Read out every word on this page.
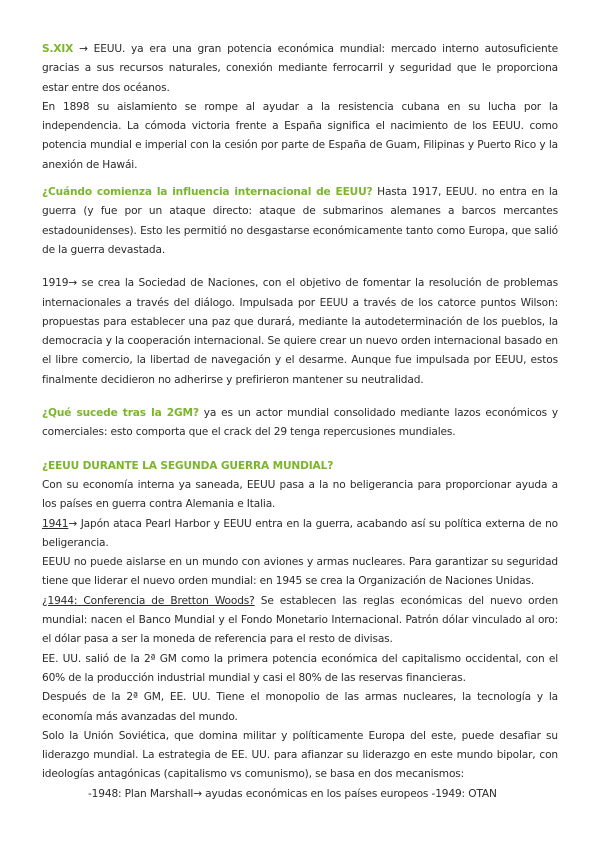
S.XIX → EEUU. ya era una gran potencia económica mundial: mercado interno autosuficiente gracias a sus recursos naturales, conexión mediante ferrocarril y seguridad que le proporciona estar entre dos océanos.

En 1898 su aislamiento se rompe al ayudar a la resistencia cubana en su lucha por la independencia. La cómoda victoria frente a España significa el nacimiento de los EEUU. como potencia mundial e imperial con la cesión por parte de España de Guam, Filipinas y Puerto Rico y la anexión de Hawái.

¿Cuándo comienza la influencia internacional de EEUU? Hasta 1917, EEUU. no entra en la guerra (y fue por un ataque directo: ataque de submarinos alemanes a barcos mercantes estadounidenses). Esto les permitió no desgastarse económicamente tanto como Europa, que salió de la guerra devastada.

1919→ se crea la Sociedad de Naciones, con el objetivo de fomentar la resolución de problemas internacionales a través del diálogo. Impulsada por EEUU a través de los catorce puntos Wilson: propuestas para establecer una paz que durará, mediante la autodeterminación de los pueblos, la democracia y la cooperación internacional. Se quiere crear un nuevo orden internacional basado en el libre comercio, la libertad de navegación y el desarme. Aunque fue impulsada por EEUU, estos finalmente decidieron no adherirse y prefirieron mantener su neutralidad.

¿Qué sucede tras la 2GM? ya es un actor mundial consolidado mediante lazos económicos y comerciales: esto comporta que el crack del 29 tenga repercusiones mundiales.

¿EEUU DURANTE LA SEGUNDA GUERRA MUNDIAL?

Con su economía interna ya saneada, EEUU pasa a la no beligerancia para proporcionar ayuda a los países en guerra contra Alemania e Italia.

1941→ Japón ataca Pearl Harbor y EEUU entra en la guerra, acabando así su política externa de no beligerancia.

EEUU no puede aislarse en un mundo con aviones y armas nucleares. Para garantizar su seguridad tiene que liderar el nuevo orden mundial: en 1945 se crea la Organización de Naciones Unidas.

¿1944: Conferencia de Bretton Woods? Se establecen las reglas económicas del nuevo orden mundial: nacen el Banco Mundial y el Fondo Monetario Internacional. Patrón dólar vinculado al oro: el dólar pasa a ser la moneda de referencia para el resto de divisas.

EE. UU. salió de la 2ª GM como la primera potencia económica del capitalismo occidental, con el 60% de la producción industrial mundial y casi el 80% de las reservas financieras.

Después de la 2ª GM, EE. UU. Tiene el monopolio de las armas nucleares, la tecnología y la economía más avanzadas del mundo.

Solo la Unión Soviética, que domina militar y políticamente Europa del este, puede desafiar su liderazgo mundial. La estrategia de EE. UU. para afianzar su liderazgo en este mundo bipolar, con ideologías antagónicas (capitalismo vs comunismo), se basa en dos mecanismos:

-1948: Plan Marshall→ ayudas económicas en los países europeos -1949: OTAN
